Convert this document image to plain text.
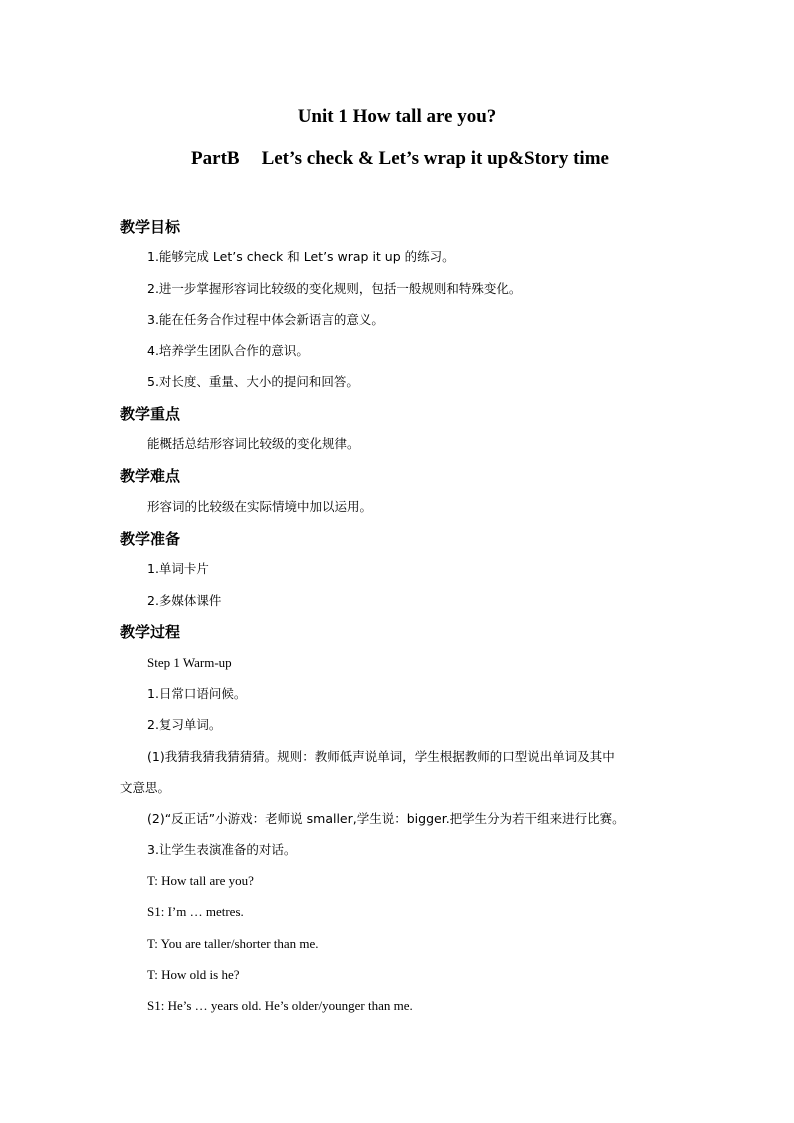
Unit 1 How tall are you?
PartB Let’s check & Let’s wrap it up&Story time
教学目标
1.能够完成 Let’s check 和 Let’s wrap it up 的练习。
2.进一步掌握形容词比较级的变化规则，包括一般规则和特殊变化。
3.能在任务合作过程中体会新语言的意义。
4.培养学生团队合作的意识。
5.对长度、重量、大小的提问和回答。
教学重点
能概括总结形容词比较级的变化规律。
教学难点
形容词的比较级在实际情境中加以运用。
教学准备
1.单词卡片
2.多媒体课件
教学过程
Step 1 Warm-up
1.日常口语问候。
2.复习单词。
(1)我猜我猜我猜猜猜。规则：教师低声说单词，学生根据教师的口型说出单词及其中
文意思。
(2)“反正话”小游戏：老师说 smaller,学生说：bigger.把学生分为若干组来进行比赛。
3.让学生表演准备的对话。
T: How tall are you?
S1: I’m … metres.
T: You are taller/shorter than me.
T: How old is he?
S1: He’s … years old. He’s older/younger than me.
